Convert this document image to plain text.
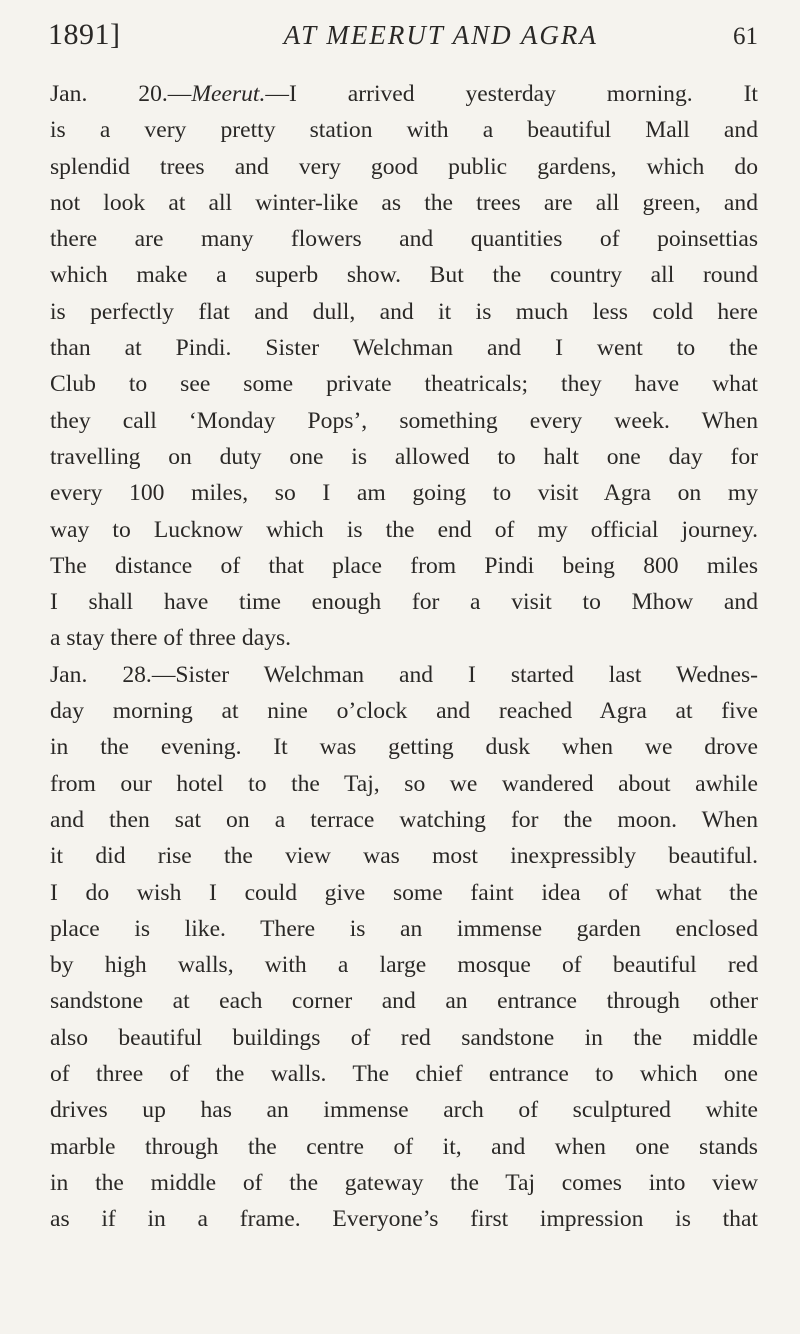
1891]	AT MEERUT AND AGRA	61
Jan. 20.—Meerut.—I arrived yesterday morning. It
is a very pretty station with a beautiful Mall and
splendid trees and very good public gardens, which do
not look at all winter-like as the trees are all green, and
there are many flowers and quantities of poinsettias
which make a superb show. But the country all round
is perfectly flat and dull, and it is much less cold here
than at Pindi. Sister Welchman and I went to the
Club to see some private theatricals; they have what
they call ‘Monday Pops’, something every week. When
travelling on duty one is allowed to halt one day for
every 100 miles, so I am going to visit Agra on my
way to Lucknow which is the end of my official journey.
The distance of that place from Pindi being 800 miles
I shall have time enough for a visit to Mhow and
a stay there of three days.
Jan. 28.—Sister Welchman and I started last Wednes-
day morning at nine o’clock and reached Agra at five
in the evening. It was getting dusk when we drove
from our hotel to the Taj, so we wandered about awhile
and then sat on a terrace watching for the moon. When
it did rise the view was most inexpressibly beautiful.
I do wish I could give some faint idea of what the
place is like. There is an immense garden enclosed
by high walls, with a large mosque of beautiful red
sandstone at each corner and an entrance through other
also beautiful buildings of red sandstone in the middle
of three of the walls. The chief entrance to which one
drives up has an immense arch of sculptured white
marble through the centre of it, and when one stands
in the middle of the gateway the Taj comes into view
as if in a frame. Everyone’s first impression is that
